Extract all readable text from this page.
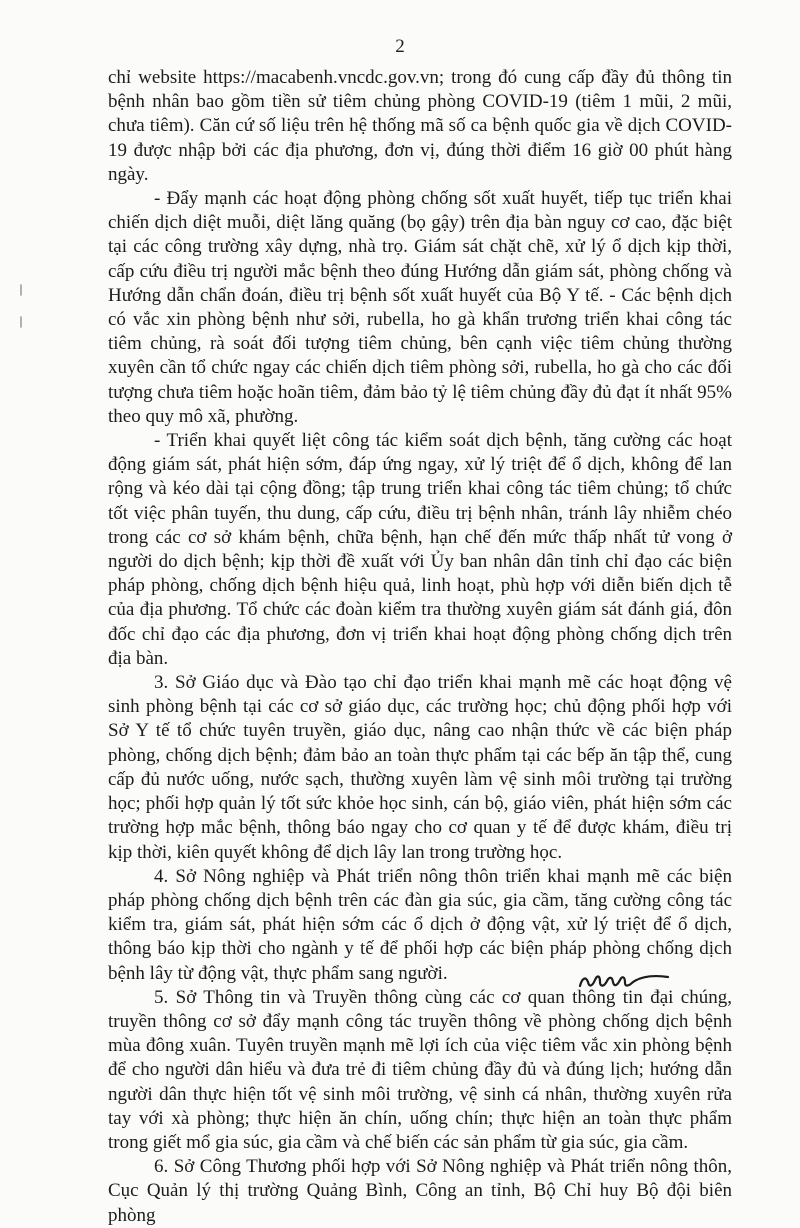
2

chỉ website https://macabenh.vncdc.gov.vn; trong đó cung cấp đầy đủ thông tin bệnh nhân bao gồm tiền sử tiêm chủng phòng COVID-19 (tiêm 1 mũi, 2 mũi, chưa tiêm). Căn cứ số liệu trên hệ thống mã số ca bệnh quốc gia về dịch COVID-19 được nhập bởi các địa phương, đơn vị, đúng thời điểm 16 giờ 00 phút hàng ngày.

- Đẩy mạnh các hoạt động phòng chống sốt xuất huyết, tiếp tục triển khai chiến dịch diệt muỗi, diệt lăng quăng (bọ gậy) trên địa bàn nguy cơ cao, đặc biệt tại các công trường xây dựng, nhà trọ. Giám sát chặt chẽ, xử lý ổ dịch kịp thời, cấp cứu điều trị người mắc bệnh theo đúng Hướng dẫn giám sát, phòng chống và Hướng dẫn chẩn đoán, điều trị bệnh sốt xuất huyết của Bộ Y tế. - Các bệnh dịch có vắc xin phòng bệnh như sởi, rubella, ho gà khẩn trương triển khai công tác tiêm chủng, rà soát đối tượng tiêm chủng, bên cạnh việc tiêm chủng thường xuyên cần tổ chức ngay các chiến dịch tiêm phòng sởi, rubella, ho gà cho các đối tượng chưa tiêm hoặc hoãn tiêm, đảm bảo tỷ lệ tiêm chủng đầy đủ đạt ít nhất 95% theo quy mô xã, phường.

- Triển khai quyết liệt công tác kiểm soát dịch bệnh, tăng cường các hoạt động giám sát, phát hiện sớm, đáp ứng ngay, xử lý triệt để ổ dịch, không để lan rộng và kéo dài tại cộng đồng; tập trung triển khai công tác tiêm chủng; tổ chức tốt việc phân tuyến, thu dung, cấp cứu, điều trị bệnh nhân, tránh lây nhiễm chéo trong các cơ sở khám bệnh, chữa bệnh, hạn chế đến mức thấp nhất tử vong ở người do dịch bệnh; kịp thời đề xuất với Ủy ban nhân dân tỉnh chỉ đạo các biện pháp phòng, chống dịch bệnh hiệu quả, linh hoạt, phù hợp với diễn biến dịch tễ của địa phương. Tổ chức các đoàn kiểm tra thường xuyên giám sát đánh giá, đôn đốc chỉ đạo các địa phương, đơn vị triển khai hoạt động phòng chống dịch trên địa bàn.

3. Sở Giáo dục và Đào tạo chỉ đạo triển khai mạnh mẽ các hoạt động vệ sinh phòng bệnh tại các cơ sở giáo dục, các trường học; chủ động phối hợp với Sở Y tế tổ chức tuyên truyền, giáo dục, nâng cao nhận thức về các biện pháp phòng, chống dịch bệnh; đảm bảo an toàn thực phẩm tại các bếp ăn tập thể, cung cấp đủ nước uống, nước sạch, thường xuyên làm vệ sinh môi trường tại trường học; phối hợp quản lý tốt sức khỏe học sinh, cán bộ, giáo viên, phát hiện sớm các trường hợp mắc bệnh, thông báo ngay cho cơ quan y tế để được khám, điều trị kịp thời, kiên quyết không để dịch lây lan trong trường học.

4. Sở Nông nghiệp và Phát triển nông thôn triển khai mạnh mẽ các biện pháp phòng chống dịch bệnh trên các đàn gia súc, gia cầm, tăng cường công tác kiểm tra, giám sát, phát hiện sớm các ổ dịch ở động vật, xử lý triệt để ổ dịch, thông báo kịp thời cho ngành y tế để phối hợp các biện pháp phòng chống dịch bệnh lây từ động vật, thực phẩm sang người.

5. Sở Thông tin và Truyền thông cùng các cơ quan thông tin đại chúng, truyền thông cơ sở đẩy mạnh công tác truyền thông về phòng chống dịch bệnh mùa đông xuân. Tuyên truyền mạnh mẽ lợi ích của việc tiêm vắc xin phòng bệnh để cho người dân hiểu và đưa trẻ đi tiêm chủng đầy đủ và đúng lịch; hướng dẫn người dân thực hiện tốt vệ sinh môi trường, vệ sinh cá nhân, thường xuyên rửa tay với xà phòng; thực hiện ăn chín, uống chín; thực hiện an toàn thực phẩm trong giết mổ gia súc, gia cầm và chế biến các sản phẩm từ gia súc, gia cầm.

6. Sở Công Thương phối hợp với Sở Nông nghiệp và Phát triển nông thôn, Cục Quản lý thị trường Quảng Bình, Công an tỉnh, Bộ Chỉ huy Bộ đội biên phòng
